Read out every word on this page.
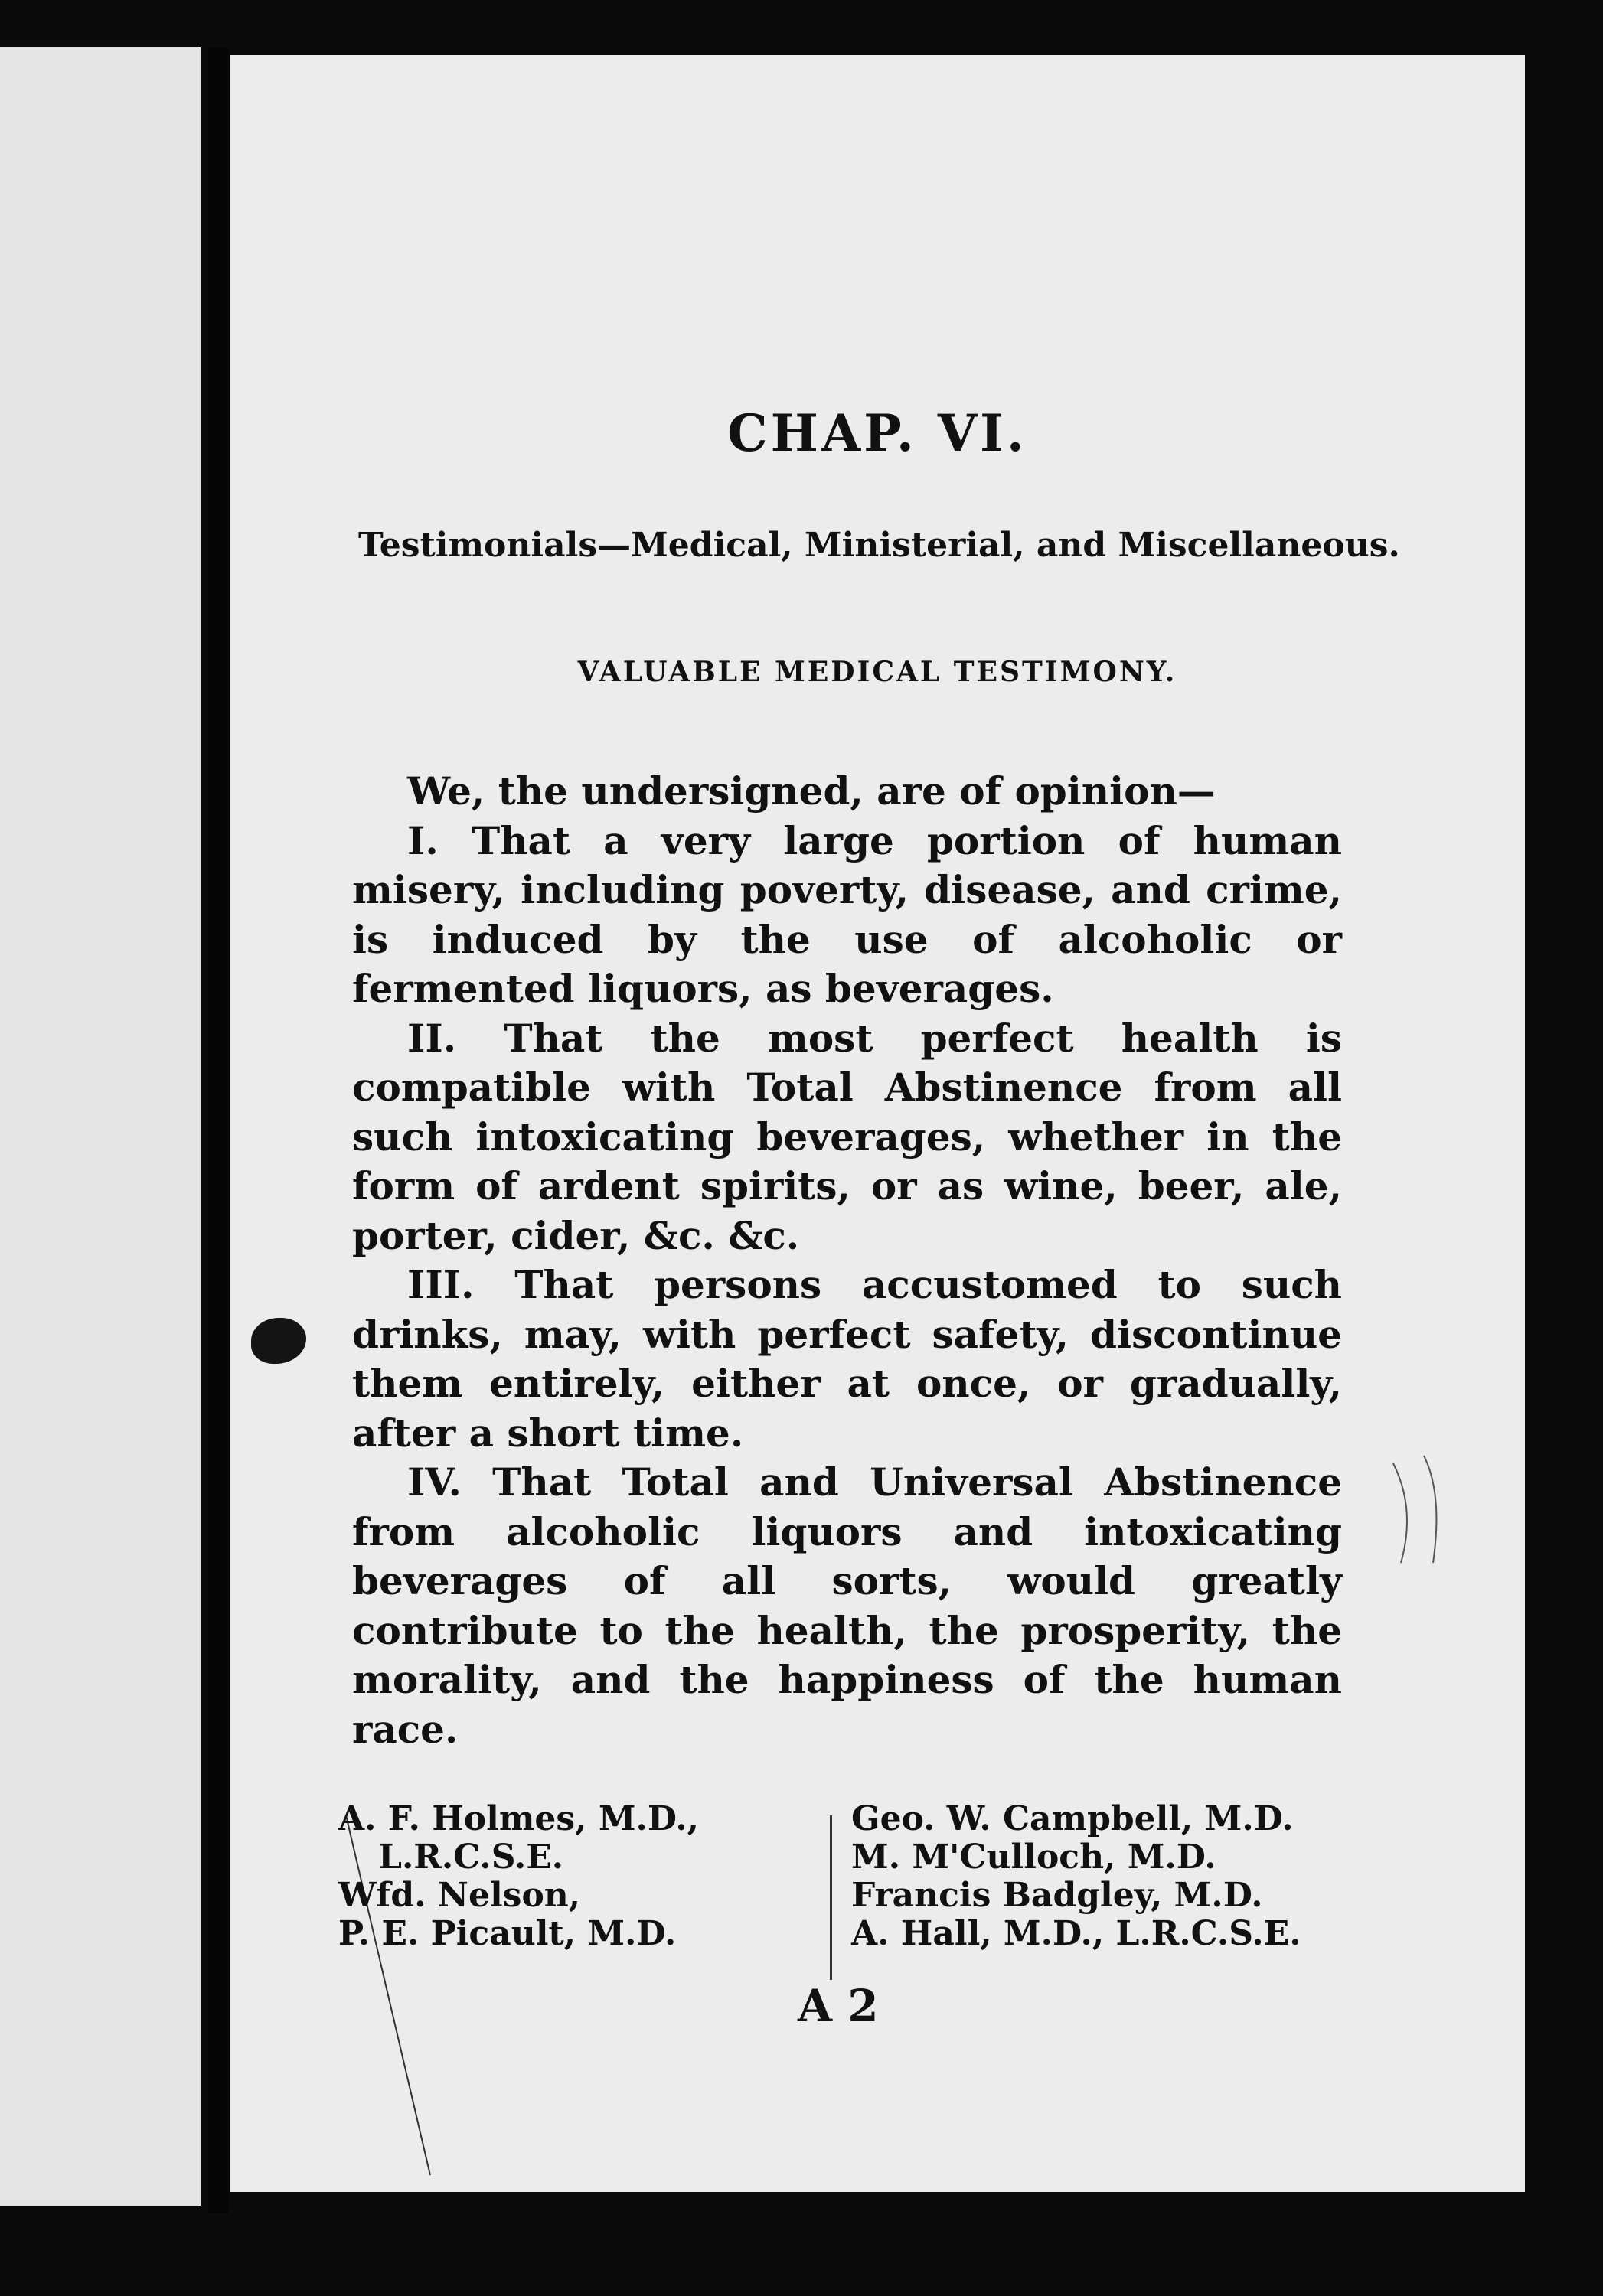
CHAP. VI.
Testimonials—Medical, Ministerial, and Miscellaneous.
VALUABLE MEDICAL TESTIMONY.

We, the undersigned, are of opinion—

I. That a very large portion of human misery, including poverty, disease, and crime, is induced by the use of alcoholic or fermented liquors, as beverages.

II. That the most perfect health is compatible with Total Abstinence from all such intoxicating beverages, whether in the form of ardent spirits, or as wine, beer, ale, porter, cider, &c. &c.

III. That persons accustomed to such drinks, may, with perfect safety, discontinue them entirely, either at once, or gradually, after a short time.

IV. That Total and Universal Abstinence from alcoholic liquors and intoxicating beverages of all sorts, would greatly contribute to the health, the prosperity, the morality, and the happiness of the human race.

A. F. Holmes, M.D.,
L.R.C.S.E.
Wfd. Nelson,
P. E. Picault, M.D.
Geo. W. Campbell, M.D.
M. M'Culloch, M.D.
Francis Badgley, M.D.
A. Hall, M.D., L.R.C.S.E.
A 2
